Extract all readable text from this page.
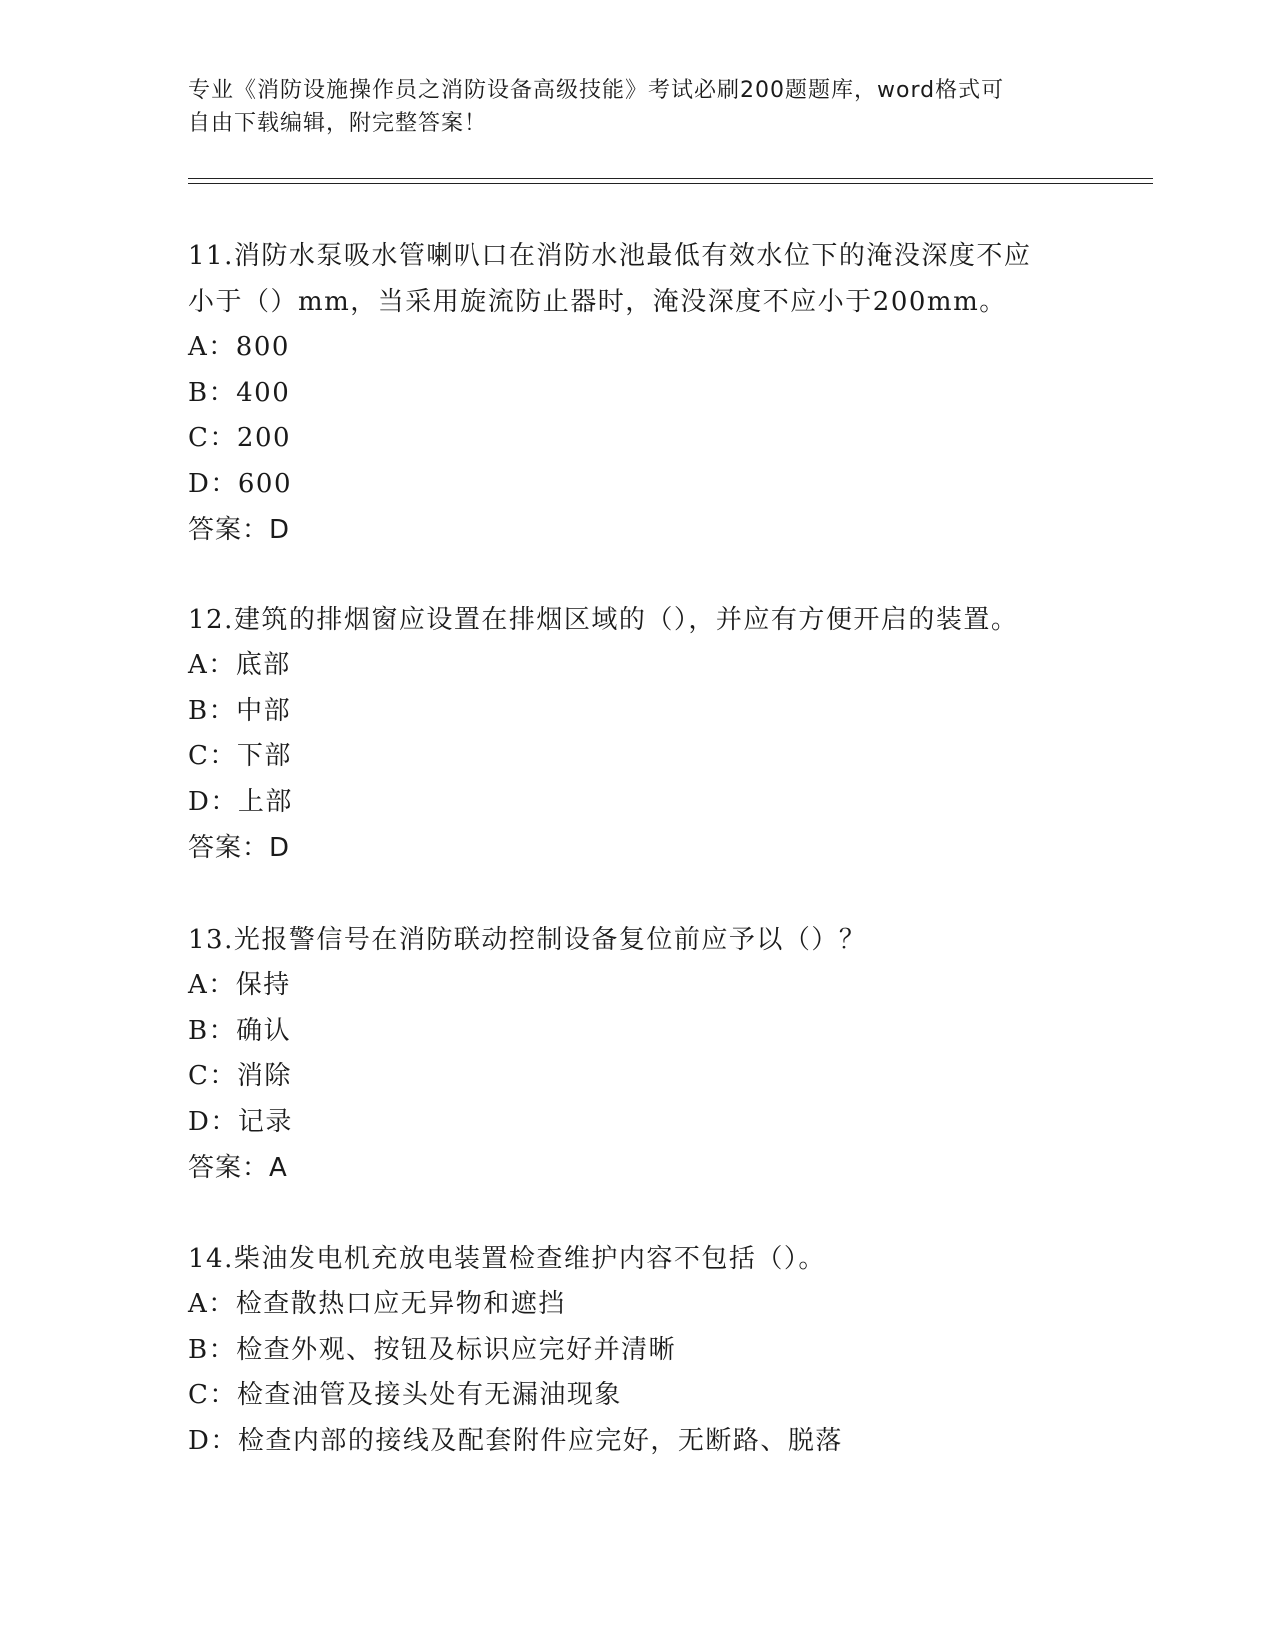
专业《消防设施操作员之消防设备高级技能》考试必刷200题题库，word格式可
自由下载编辑，附完整答案！
11.消防水泵吸水管喇叭口在消防水池最低有效水位下的淹没深度不应
小于（）mm，当采用旋流防止器时，淹没深度不应小于200mm。
A：800
B：400
C：200
D：600
答案：D
12.建筑的排烟窗应设置在排烟区域的（），并应有方便开启的装置。
A：底部
B：中部
C：下部
D：上部
答案：D
13.光报警信号在消防联动控制设备复位前应予以（）？
A：保持
B：确认
C：消除
D：记录
答案：A
14.柴油发电机充放电装置检查维护内容不包括（）。
A：检查散热口应无异物和遮挡
B：检查外观、按钮及标识应完好并清晰
C：检查油管及接头处有无漏油现象
D：检查内部的接线及配套附件应完好，无断路、脱落
